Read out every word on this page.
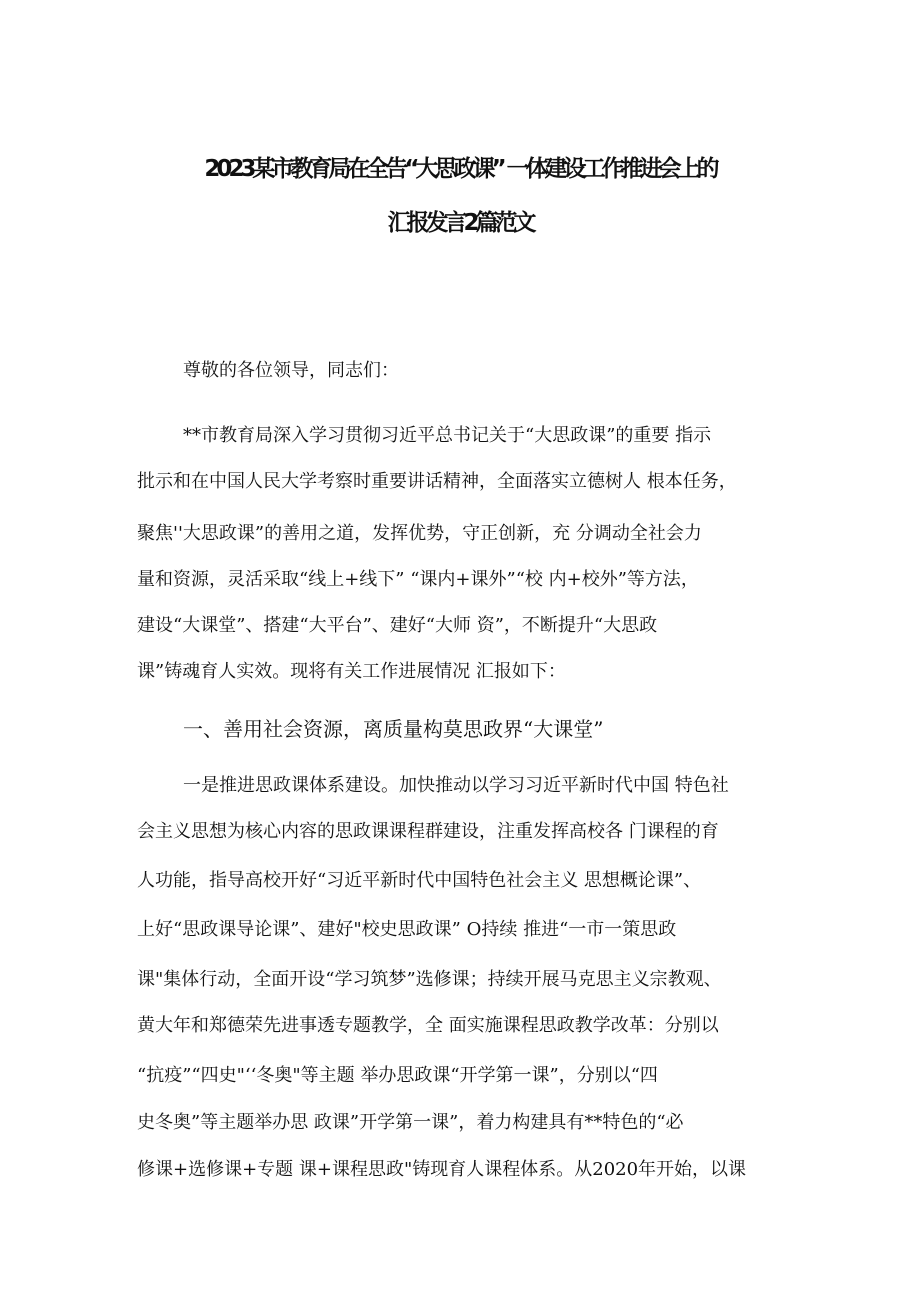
2023某市教育局在全告“大思政课” 一体建设工作推进会上的
汇报发言2篇范文
尊敬的各位领导，同志们：
**市教育局深入学习贯彻习近平总书记关于“大思政课”的重要 指示
批示和在中国人民大学考察时重要讲话精神，全面落实立德树人 根本任务，
聚焦''大思政课”的善用之道，发挥优势，守正创新，充 分调动全社会力
量和资源，灵活采取“线上+线下” “课内+课外”“校 内+校外”等方法，
建设“大课堂”、搭建“大平台”、建好“大师 资”，不断提升“大思政
课”铸魂育人实效。现将有关工作进展情况 汇报如下：
一、善用社会资源，离质量构莫思政界“大课堂”
一是推进思政课体系建设。加快推动以学习习近平新时代中国 特色社
会主义思想为核心内容的思政课课程群建设，注重发挥高校各 门课程的育
人功能，指导高校开好“习近平新时代中国特色社会主义 思想概论课”、
上好“思政课导论课”、建好"校史思政课” O持续 推进“一市一策思政
课"集体行动，全面开设“学习筑梦”选修课；持续开展马克思主义宗教观、
黄大年和郑德荣先进事透专题教学，全 面实施课程思政教学改革：分别以
“抗疫”“四史"‘‘冬奥"等主题 举办思政课“开学第一课”，分别以“四
史冬奥”等主题举办思 政课”开学第一课”，着力构建具有**特色的“必
修课+选修课+专题 课+课程思政"铸现育人课程体系。从2020年开始，以课
